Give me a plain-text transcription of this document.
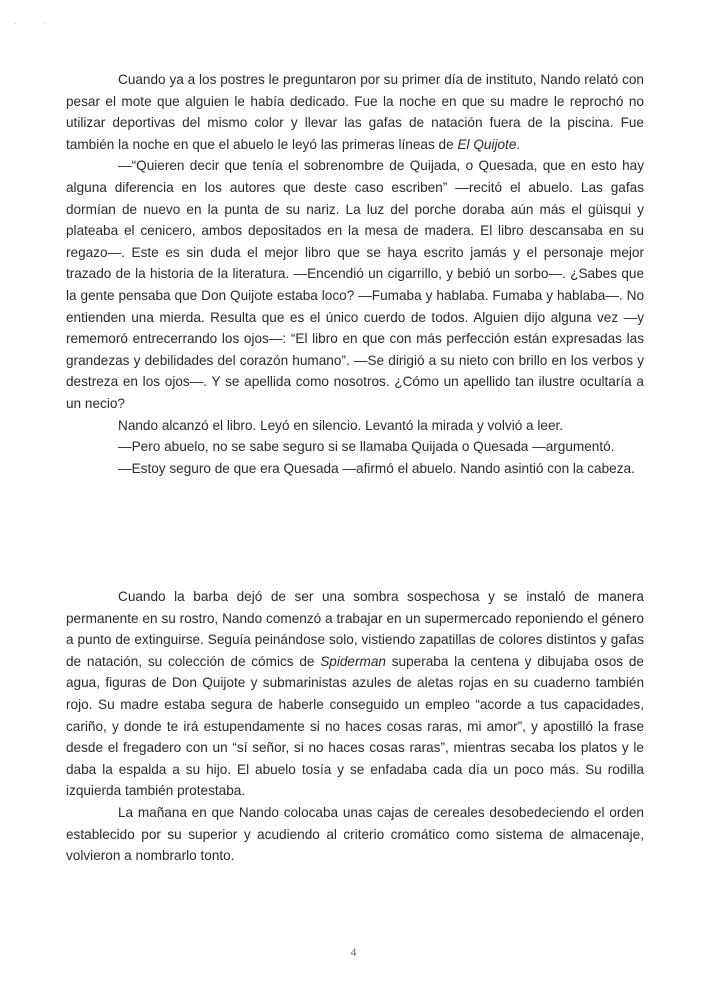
· ·

Cuando ya a los postres le preguntaron por su primer día de instituto, Nando relató con pesar el mote que alguien le había dedicado. Fue la noche en que su madre le reprochó no utilizar deportivas del mismo color y llevar las gafas de natación fuera de la piscina. Fue también la noche en que el abuelo le leyó las primeras líneas de El Quijote.

—“Quieren decir que tenía el sobrenombre de Quijada, o Quesada, que en esto hay alguna diferencia en los autores que deste caso escriben” —recitó el abuelo. Las gafas dormían de nuevo en la punta de su nariz. La luz del porche doraba aún más el güisqui y plateaba el cenicero, ambos depositados en la mesa de madera. El libro descansaba en su regazo—. Este es sin duda el mejor libro que se haya escrito jamás y el personaje mejor trazado de la historia de la literatura. —Encendió un cigarrillo, y bebió un sorbo—. ¿Sabes que la gente pensaba que Don Quijote estaba loco? —Fumaba y hablaba. Fumaba y hablaba—. No entienden una mierda. Resulta que es el único cuerdo de todos. Alguien dijo alguna vez —y rememoró entrecerrando los ojos—: “El libro en que con más perfección están expresadas las grandezas y debilidades del corazón humano”. —Se dirigió a su nieto con brillo en los verbos y destreza en los ojos—. Y se apellida como nosotros. ¿Cómo un apellido tan ilustre ocultaría a un necio?

Nando alcanzó el libro. Leyó en silencio. Levantó la mirada y volvió a leer.

—Pero abuelo, no se sabe seguro si se llamaba Quijada o Quesada —argumentó.

—Estoy seguro de que era Quesada —afirmó el abuelo. Nando asintió con la cabeza.

Cuando la barba dejó de ser una sombra sospechosa y se instaló de manera permanente en su rostro, Nando comenzó a trabajar en un supermercado reponiendo el género a punto de extinguirse. Seguía peinándose solo, vistiendo zapatillas de colores distintos y gafas de natación, su colección de cómics de Spiderman superaba la centena y dibujaba osos de agua, figuras de Don Quijote y submarinistas azules de aletas rojas en su cuaderno también rojo. Su madre estaba segura de haberle conseguido un empleo “acorde a tus capacidades, cariño, y donde te irá estupendamente si no haces cosas raras, mi amor”, y apostilló la frase desde el fregadero con un “sí señor, si no haces cosas raras”, mientras secaba los platos y le daba la espalda a su hijo. El abuelo tosía y se enfadaba cada día un poco más. Su rodilla izquierda también protestaba.

La mañana en que Nando colocaba unas cajas de cereales desobedeciendo el orden establecido por su superior y acudiendo al criterio cromático como sistema de almacenaje, volvieron a nombrarlo tonto.

4
